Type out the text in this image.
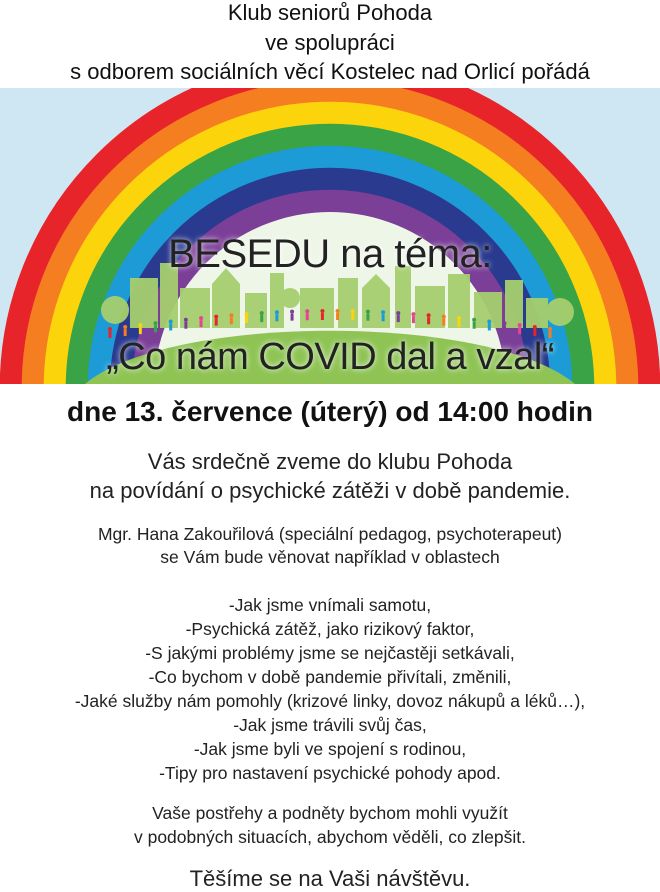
Klub seniorů Pohoda
ve spolupráci
s odborem sociálních věcí Kostelec nad Orlicí pořádá
BESEDU na téma:
„Co nám COVID dal a vzal“
dne 13. července (úterý) od 14:00 hodin
Vás srdečně zveme do klubu Pohoda
na povídání o psychické zátěži v době pandemie.
Mgr. Hana Zakouřilová (speciální pedagog, psychoterapeut)
se Vám bude věnovat například v oblastech
-Jak jsme vnímali samotu,
-Psychická zátěž, jako rizikový faktor,
-S jakými problémy jsme se nejčastěji setkávali,
-Co bychom v době pandemie přivítali, změnili,
-Jaké služby nám pomohly (krizové linky, dovoz nákupů a léků…),
-Jak jsme trávili svůj čas,
-Jak jsme byli ve spojení s rodinou,
-Tipy pro nastavení psychické pohody apod.
Vaše postřehy a podněty bychom mohli využít
v podobných situacích, abychom věděli, co zlepšit.
Těšíme se na Vaši návštěvu.
